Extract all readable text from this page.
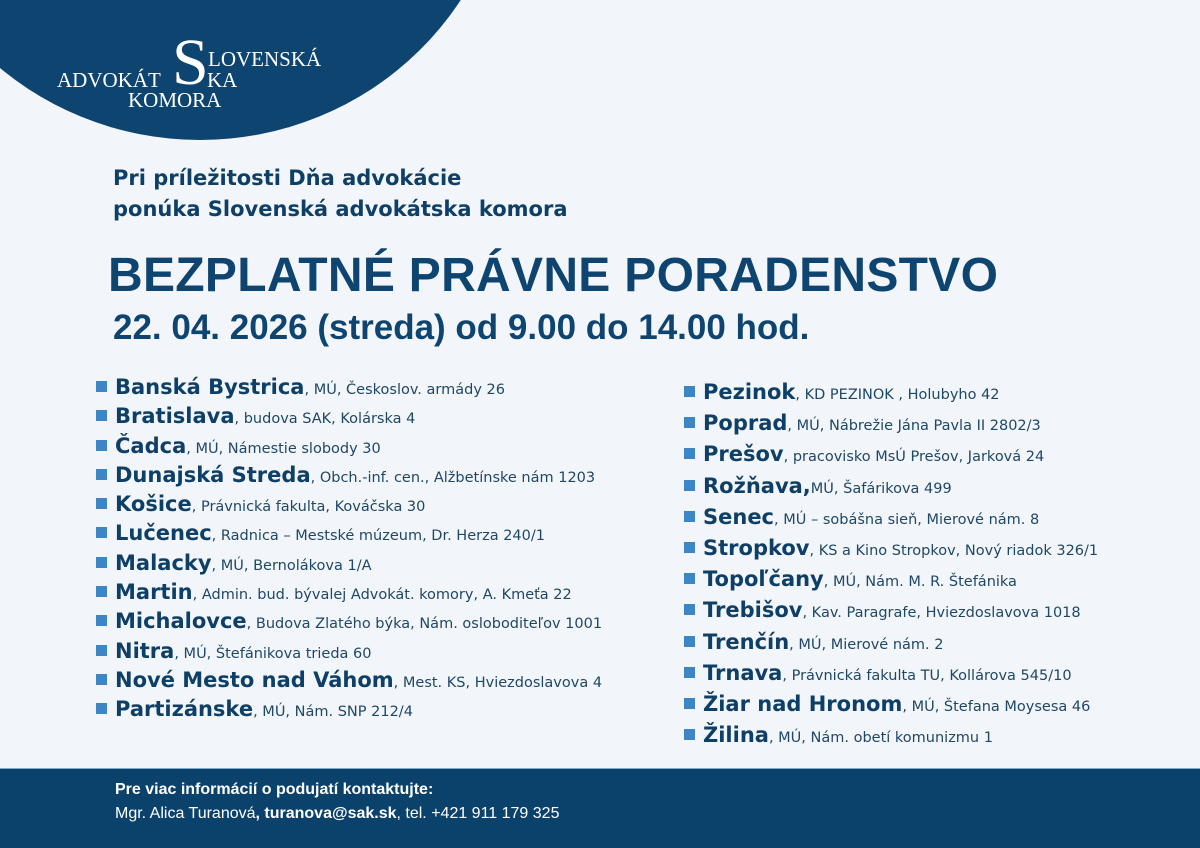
S LOVENSKÁ
ADVOKÁT KA
KOMORA
Pri príležitosti Dňa advokácie
ponúka Slovenská advokátska komora
BEZPLATNÉ PRÁVNE PORADENSTVO
22. 04. 2026 (streda) od 9.00 do 14.00 hod.
Banská Bystrica , MÚ, Českoslov. armády 26
Bratislava , budova SAK, Kolárska 4
Čadca , MÚ, Námestie slobody 30
Dunajská Streda , Obch.-inf. cen., Alžbetínske nám 1203
Košice , Právnická fakulta, Kováčska 30
Lučenec , Radnica – Mestské múzeum, Dr. Herza 240/1
Malacky , MÚ, Bernolákova 1/A
Martin , Admin. bud. bývalej Advokát. komory, A. Kmeťa 22
Michalovce , Budova Zlatého býka, Nám. osloboditeľov 1001
Nitra , MÚ, Štefánikova trieda 60
Nové Mesto nad Váhom , Mest. KS, Hviezdoslavova 4
Partizánske , MÚ, Nám. SNP 212/4
Pezinok , KD PEZINOK , Holubyho 42
Poprad , MÚ, Nábrežie Jána Pavla II 2802/3
Prešov , pracovisko MsÚ Prešov, Jarková 24
Rožňava, MÚ, Šafárikova 499
Senec , MÚ – sobášna sieň, Mierové nám. 8
Stropkov , KS a Kino Stropkov, Nový riadok 326/1
Topoľčany , MÚ, Nám. M. R. Štefánika
Trebišov , Kav. Paragrafe, Hviezdoslavova 1018
Trenčín , MÚ, Mierové nám. 2
Trnava , Právnická fakulta TU, Kollárova 545/10
Žiar nad Hronom , MÚ, Štefana Moysesa 46
Žilina , MÚ, Nám. obetí komunizmu 1
Pre viac informácií o podujatí kontaktujte:
Mgr. Alica Turanová, turanova@sak.sk, tel. +421 911 179 325
